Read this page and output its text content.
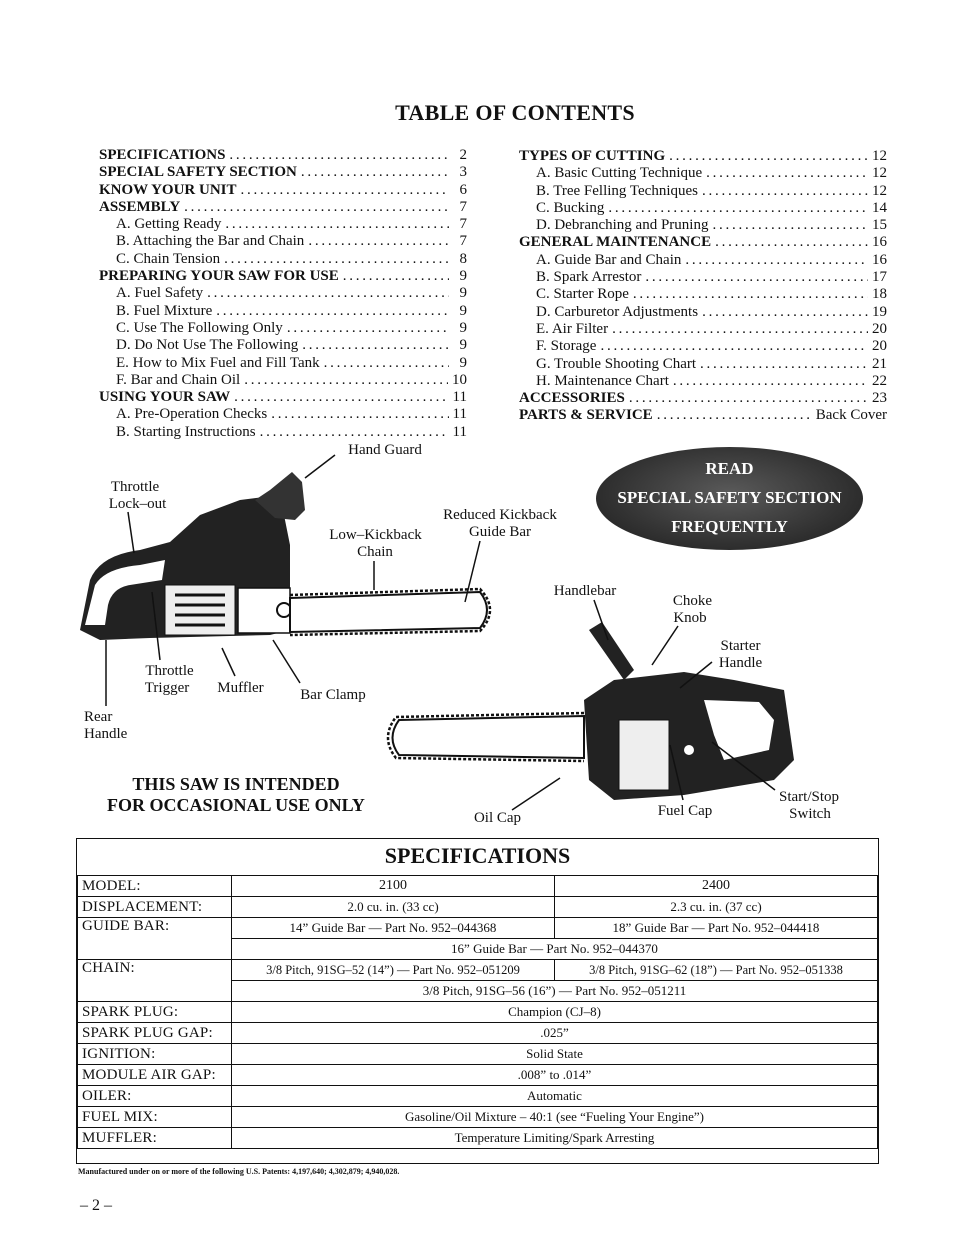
TABLE OF CONTENTS
SPECIFICATIONS . . .	2
SPECIAL SAFETY SECTION . . .	3
KNOW YOUR UNIT . . .	6
ASSEMBLY . . .	7
A. Getting Ready . . .	7
B. Attaching the Bar and Chain . . .	7
C. Chain Tension . . .	8
PREPARING YOUR SAW FOR USE . . .	9
A. Fuel Safety . . .	9
B. Fuel Mixture . . .	9
C. Use The Following Only . . .	9
D. Do Not Use The Following . . .	9
E. How to Mix Fuel and Fill Tank . . .	9
F. Bar and Chain Oil . . .	10
USING YOUR SAW . . .	11
A. Pre-Operation Checks . . .	11
B. Starting Instructions . . .	11
TYPES OF CUTTING . . .	12
A. Basic Cutting Technique . . .	12
B. Tree Felling Techniques . . .	12
C. Bucking . . .	14
D. Debranching and Pruning . . .	15
GENERAL MAINTENANCE . . .	16
A. Guide Bar and Chain . . .	16
B. Spark Arrestor . . .	17
C. Starter Rope . . .	18
D. Carburetor Adjustments . . .	19
E. Air Filter . . .	20
F. Storage . . .	20
G. Trouble Shooting Chart . . .	21
H. Maintenance Chart . . .	22
ACCESSORIES . . .	23
PARTS & SERVICE . . .	Back Cover
Hand Guard
Throttle
Lock–out
Reduced Kickback
Guide Bar
Low–Kickback
Chain
Throttle
Trigger	Muffler	Bar Clamp
Rear
Handle
Handlebar
Choke
Knob
Starter
Handle
Oil Cap	Fuel Cap
Start/Stop
Switch
READ
SPECIAL SAFETY SECTION
FREQUENTLY
THIS SAW IS INTENDED
FOR OCCASIONAL USE ONLY
SPECIFICATIONS
MODEL:	2100	2400
DISPLACEMENT:	2.0 cu. in. (33 cc)	2.3 cu. in. (37 cc)
GUIDE BAR:	14” Guide Bar — Part No. 952–044368	18” Guide Bar — Part No. 952–044418
	16” Guide Bar — Part No. 952–044370	
CHAIN:	3/8 Pitch, 91SG–52 (14”) — Part No. 952–051209	3/8 Pitch, 91SG–62 (18”) — Part No. 952–051338
	3/8 Pitch, 91SG–56 (16”) — Part No. 952–051211	
SPARK PLUG:	Champion (CJ–8)	
SPARK PLUG GAP:	.025”	
IGNITION:	Solid State	
MODULE AIR GAP:	.008” to .014”	
OILER:	Automatic	
FUEL MIX:	Gasoline/Oil Mixture – 40:1 (see “Fueling Your Engine”)	
MUFFLER:	Temperature Limiting/Spark Arresting	
Manufactured under on or more of the following U.S. Patents: 4,197,640; 4,302,879; 4,940,028.
– 2 –
